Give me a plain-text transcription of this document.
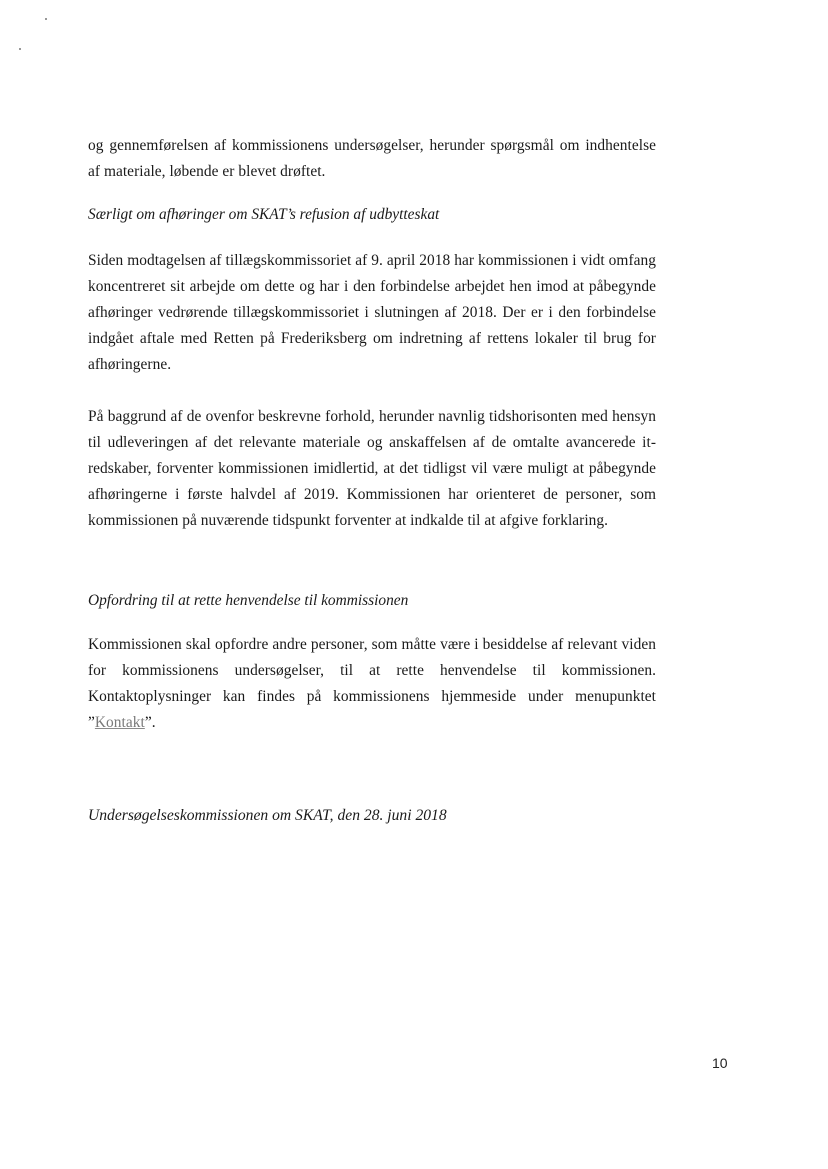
og gennemførelsen af kommissionens undersøgelser, herunder spørgsmål om indhentelse af materiale, løbende er blevet drøftet.

Særligt om afhøringer om SKAT’s refusion af udbytteskat

Siden modtagelsen af tillægskommissoriet af 9. april 2018 har kommissionen i vidt omfang koncentreret sit arbejde om dette og har i den forbindelse arbejdet hen imod at påbegynde afhøringer vedrørende tillægskommissoriet i slutningen af 2018. Der er i den forbindelse indgået aftale med Retten på Frederiksberg om indretning af rettens lokaler til brug for afhøringerne.

På baggrund af de ovenfor beskrevne forhold, herunder navnlig tidshorisonten med hensyn til udleveringen af det relevante materiale og anskaffelsen af de omtalte avancerede it-redskaber, forventer kommissionen imidlertid, at det tidligst vil være muligt at påbegynde afhøringerne i første halvdel af 2019. Kommissionen har orienteret de personer, som kommissionen på nuværende tidspunkt forventer at indkalde til at afgive forklaring.

Opfordring til at rette henvendelse til kommissionen

Kommissionen skal opfordre andre personer, som måtte være i besiddelse af relevant viden for kommissionens undersøgelser, til at rette henvendelse til kommissionen. Kontaktoplysninger kan findes på kommissionens hjemmeside under menupunktet ”Kontakt”.

Undersøgelseskommissionen om SKAT, den 28. juni 2018
10
